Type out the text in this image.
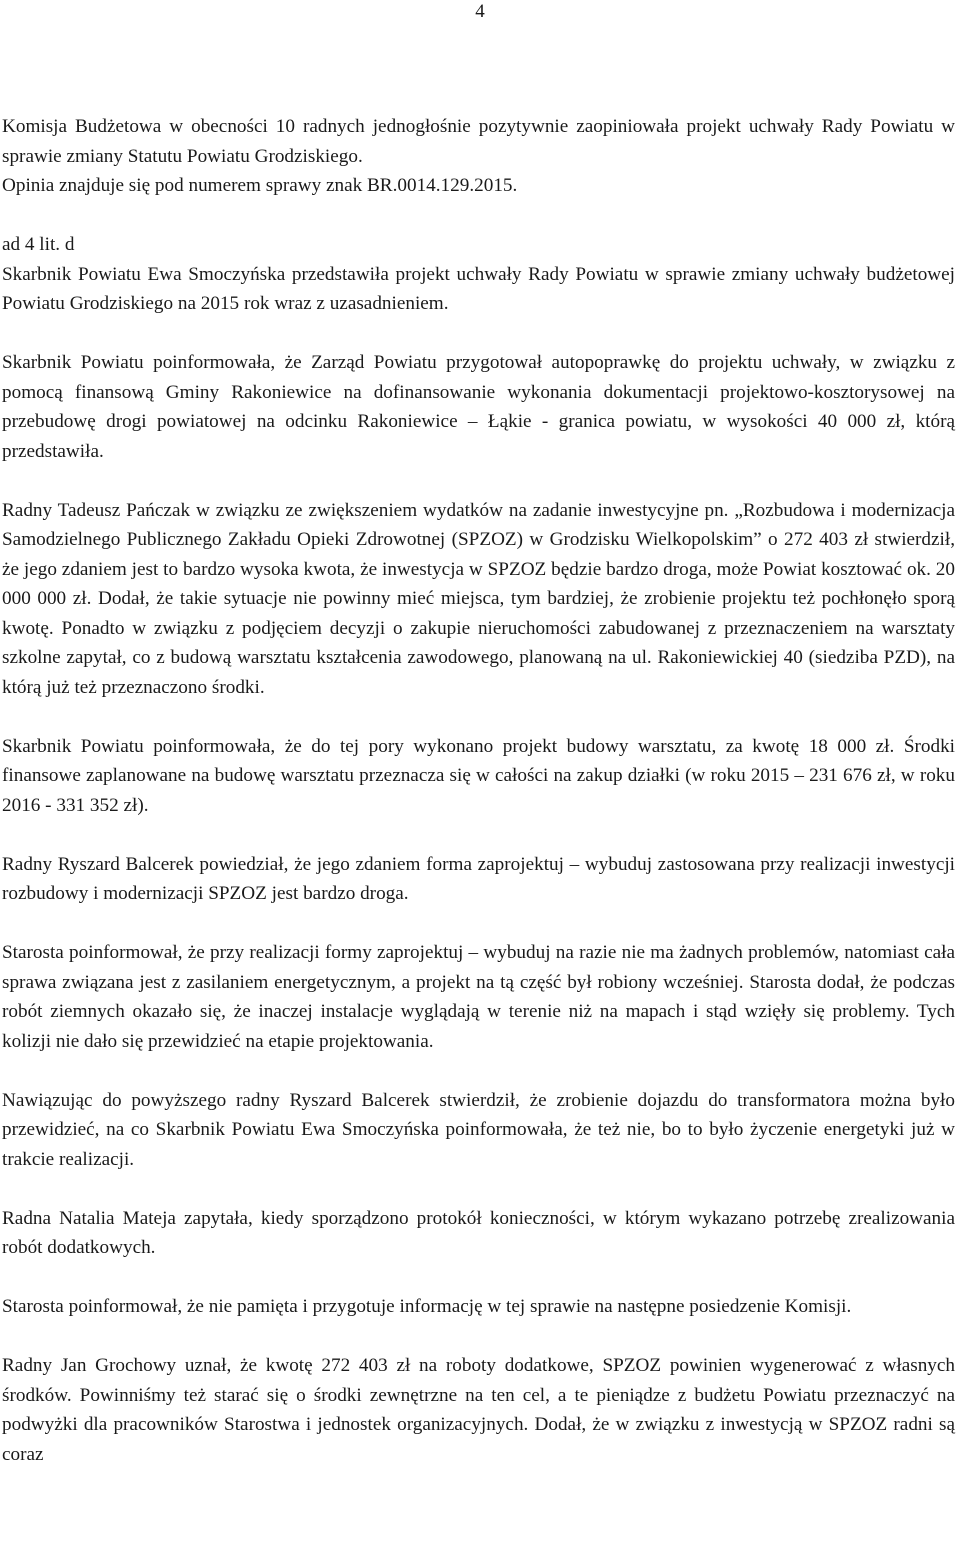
4

Komisja Budżetowa w obecności 10 radnych jednogłośnie pozytywnie zaopiniowała projekt uchwały Rady Powiatu w sprawie zmiany Statutu Powiatu Grodziskiego.
Opinia znajduje się pod numerem sprawy znak BR.0014.129.2015.

ad 4 lit. d
Skarbnik Powiatu Ewa Smoczyńska przedstawiła projekt uchwały Rady Powiatu w sprawie zmiany uchwały budżetowej Powiatu Grodziskiego na 2015 rok wraz z uzasadnieniem.

Skarbnik Powiatu poinformowała, że Zarząd Powiatu przygotował autopoprawkę do projektu uchwały, w związku z pomocą finansową Gminy Rakoniewice na dofinansowanie wykonania dokumentacji projektowo-kosztorysowej na przebudowę drogi powiatowej na odcinku Rakoniewice – Łąkie - granica powiatu, w wysokości 40 000 zł, którą przedstawiła.

Radny Tadeusz Pańczak w związku ze zwiększeniem wydatków na zadanie inwestycyjne pn. „Rozbudowa i modernizacja Samodzielnego Publicznego Zakładu Opieki Zdrowotnej (SPZOZ) w Grodzisku Wielkopolskim” o 272 403 zł stwierdził, że jego zdaniem jest to bardzo wysoka kwota, że inwestycja w SPZOZ będzie bardzo droga, może Powiat kosztować ok. 20 000 000 zł. Dodał, że takie sytuacje nie powinny mieć miejsca, tym bardziej, że zrobienie projektu też pochłonęło sporą kwotę. Ponadto w związku z podjęciem decyzji o zakupie nieruchomości zabudowanej z przeznaczeniem na warsztaty szkolne zapytał, co z budową warsztatu kształcenia zawodowego, planowaną na ul. Rakoniewickiej 40 (siedziba PZD), na którą już też przeznaczono środki.

Skarbnik Powiatu poinformowała, że do tej pory wykonano projekt budowy warsztatu, za kwotę 18 000 zł. Środki finansowe zaplanowane na budowę warsztatu przeznacza się w całości na zakup działki (w roku 2015 – 231 676 zł, w roku 2016 - 331 352 zł).

Radny Ryszard Balcerek powiedział, że jego zdaniem forma zaprojektuj – wybuduj zastosowana przy realizacji inwestycji rozbudowy i modernizacji SPZOZ jest bardzo droga.

Starosta poinformował, że przy realizacji formy zaprojektuj – wybuduj na razie nie ma żadnych problemów, natomiast cała sprawa związana jest z zasilaniem energetycznym, a projekt na tą część był robiony wcześniej. Starosta dodał, że podczas robót ziemnych okazało się, że inaczej instalacje wyglądają w terenie niż na mapach i stąd wzięły się problemy. Tych kolizji nie dało się przewidzieć na etapie projektowania.

Nawiązując do powyższego radny Ryszard Balcerek stwierdził, że zrobienie dojazdu do transformatora można było przewidzieć, na co Skarbnik Powiatu Ewa Smoczyńska poinformowała, że też nie, bo to było życzenie energetyki już w trakcie realizacji.

Radna Natalia Mateja zapytała, kiedy sporządzono protokół konieczności, w którym wykazano potrzebę zrealizowania robót dodatkowych.

Starosta poinformował, że nie pamięta i przygotuje informację w tej sprawie na następne posiedzenie Komisji.

Radny Jan Grochowy uznał, że kwotę 272 403 zł na roboty dodatkowe, SPZOZ powinien wygenerować z własnych środków. Powinniśmy też starać się o środki zewnętrzne na ten cel, a te pieniądze z budżetu Powiatu przeznaczyć na podwyżki dla pracowników Starostwa i jednostek organizacyjnych. Dodał, że w związku z inwestycją w SPZOZ radni są coraz
